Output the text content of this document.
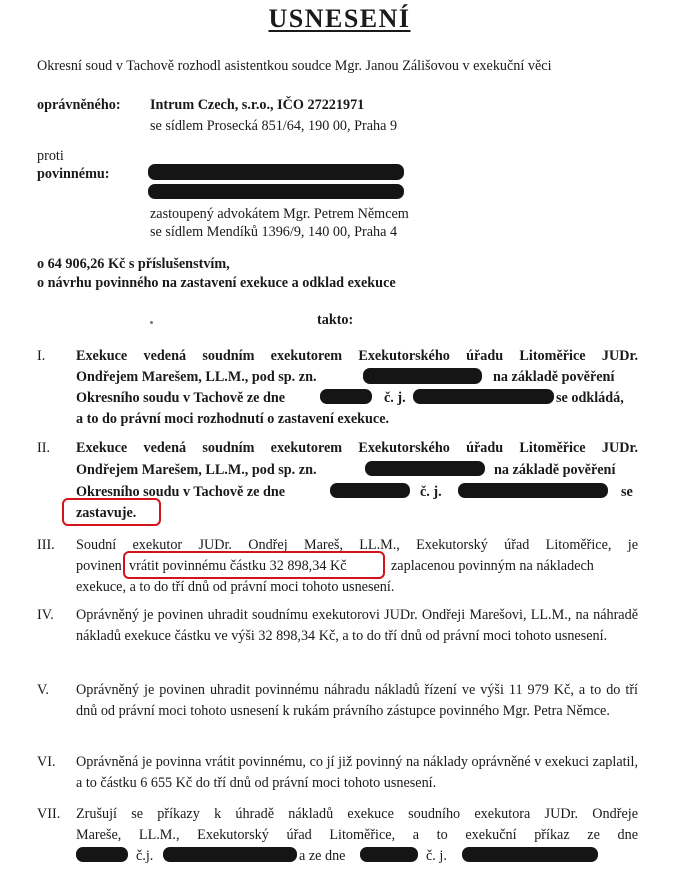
USNESENÍ
Okresní soud v Tachově rozhodl asistentkou soudce Mgr. Janou Zálišovou v exekuční věci
oprávněného: Intrum Czech, s.r.o., IČO 27221971
se sídlem Prosecká 851/64, 190 00, Praha 9
proti
povinnému:
zastoupený advokátem Mgr. Petrem Němcem
se sídlem Mendíků 1396/9, 140 00, Praha 4
o 64 906,26 Kč s příslušenstvím,
o návrhu povinného na zastavení exekuce a odklad exekuce
takto:
I. Exekuce vedená soudním exekutorem Exekutorského úřadu Litoměřice JUDr.
Ondřejem Marešem, LL.M., pod sp. zn.	na základě pověření
Okresního soudu v Tachově ze dne	č. j.	se odkládá,
a to do právní moci rozhodnutí o zastavení exekuce.
II. Exekuce vedená soudním exekutorem Exekutorského úřadu Litoměřice JUDr.
Ondřejem Marešem, LL.M., pod sp. zn.	na základě pověření
Okresního soudu v Tachově ze dne	č. j.	se
zastavuje.
III. Soudní exekutor JUDr. Ondřej Mareš, LL.M., Exekutorský úřad Litoměřice, je
povinen vrátit povinnému částku 32 898,34 Kč	zaplacenou povinným na nákladech
exekuce, a to do tří dnů od právní moci tohoto usnesení.
IV. Oprávněný je povinen uhradit soudnímu exekutorovi JUDr. Ondřeji Marešovi, LL.M., na náhradě nákladů exekuce částku ve výši 32 898,34 Kč, a to do tří dnů od právní moci tohoto usnesení.
V. Oprávněný je povinen uhradit povinnému náhradu nákladů řízení ve výši 11 979 Kč, a to do tří dnů od právní moci tohoto usnesení k rukám právního zástupce povinného Mgr. Petra Němce.
VI. Oprávněná je povinna vrátit povinnému, co jí již povinný na náklady oprávněné v exekuci zaplatil, a to částku 6 655 Kč do tří dnů od právní moci tohoto usnesení.
VII. Zrušují se příkazy k úhradě nákladů exekuce soudního exekutora JUDr. Ondřeje
Mareše, LL.M., Exekutorský úřad Litoměřice, a to exekuční příkaz ze dne
č.j.	a ze dne	č. j.
